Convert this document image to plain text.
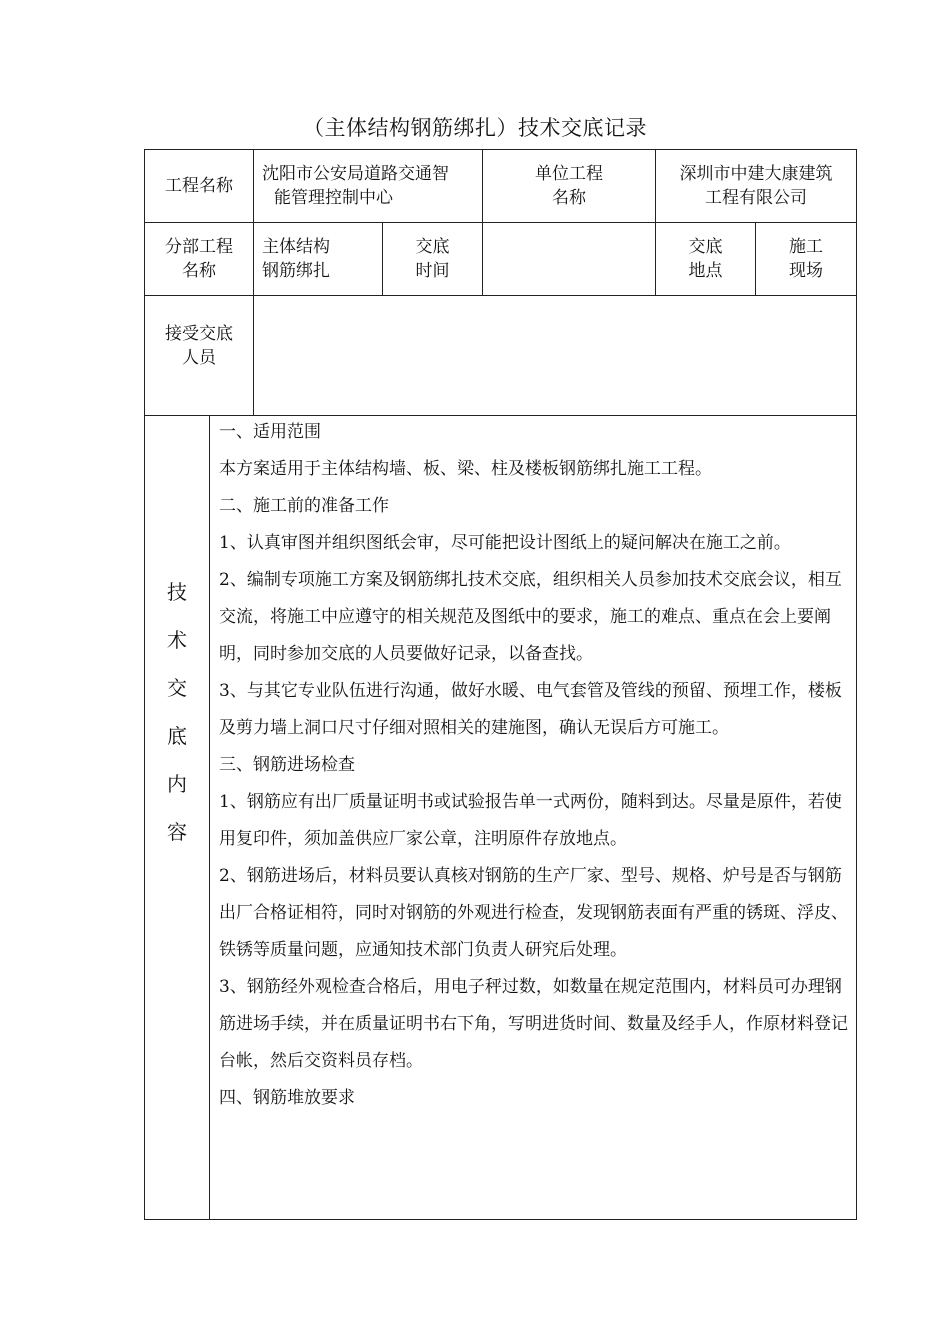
（主体结构钢筋绑扎）技术交底记录
工程名称
沈阳市公安局道路交通智
能管理控制中心
单位工程
名称
深圳市中建大康建筑
工程有限公司
分部工程
名称
主体结构
钢筋绑扎
交底
时间
交底
地点
施工
现场
接受交底
人员
技
术
交
底
内
容

一、适用范围

本方案适用于主体结构墙、板、梁、柱及楼板钢筋绑扎施工工程。

二、施工前的准备工作

1、认真审图并组织图纸会审，尽可能把设计图纸上的疑问解决在施工之前。

2、编制专项施工方案及钢筋绑扎技术交底，组织相关人员参加技术交底会议，相互交流，将施工中应遵守的相关规范及图纸中的要求，施工的难点、重点在会上要阐明，同时参加交底的人员要做好记录，以备查找。

3、与其它专业队伍进行沟通，做好水暖、电气套管及管线的预留、预埋工作，楼板及剪力墙上洞口尺寸仔细对照相关的建施图，确认无误后方可施工。

三、钢筋进场检查

1、钢筋应有出厂质量证明书或试验报告单一式两份，随料到达。尽量是原件，若使用复印件，须加盖供应厂家公章，注明原件存放地点。

2、钢筋进场后，材料员要认真核对钢筋的生产厂家、型号、规格、炉号是否与钢筋出厂合格证相符，同时对钢筋的外观进行检查，发现钢筋表面有严重的锈斑、浮皮、铁锈等质量问题，应通知技术部门负责人研究后处理。

3、钢筋经外观检查合格后，用电子秤过数，如数量在规定范围内，材料员可办理钢筋进场手续，并在质量证明书右下角，写明进货时间、数量及经手人，作原材料登记台帐，然后交资料员存档。

四、钢筋堆放要求
